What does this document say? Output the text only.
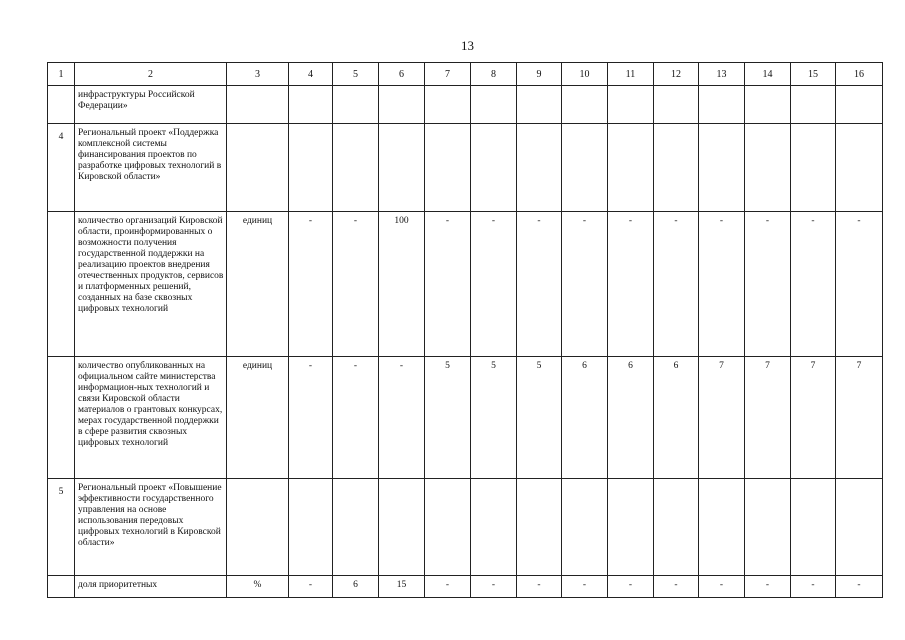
13
1	2	3	4	5	6	7	8	9	10	11	12	13	14	15	16
	инфраструктуры Российской Федерации»														
4	Региональный проект «Поддержка комплексной системы финансирования проектов по разработке цифровых технологий в Кировской области»														
	количество организаций Кировской области, проинформированных о возможности получения государственной поддержки на реализацию проектов внедрения отечественных продуктов, сервисов и платформенных решений, созданных на базе сквозных цифровых технологий	единиц	-	-	100	-	-	-	-	-	-	-	-	-	-
	количество опубликованных на официальном сайте министерства информацион-ных технологий и связи Кировской области материалов о грантовых конкурсах, мерах государственной поддержки в сфере развития сквозных цифровых технологий	единиц	-	-	-	5	5	5	6	6	6	7	7	7	7
5	Региональный проект «Повышение эффективности государственного управления на основе использования передовых цифровых технологий в Кировской области»														
	доля приоритетных	%	-	6	15	-	-	-	-	-	-	-	-	-	-
